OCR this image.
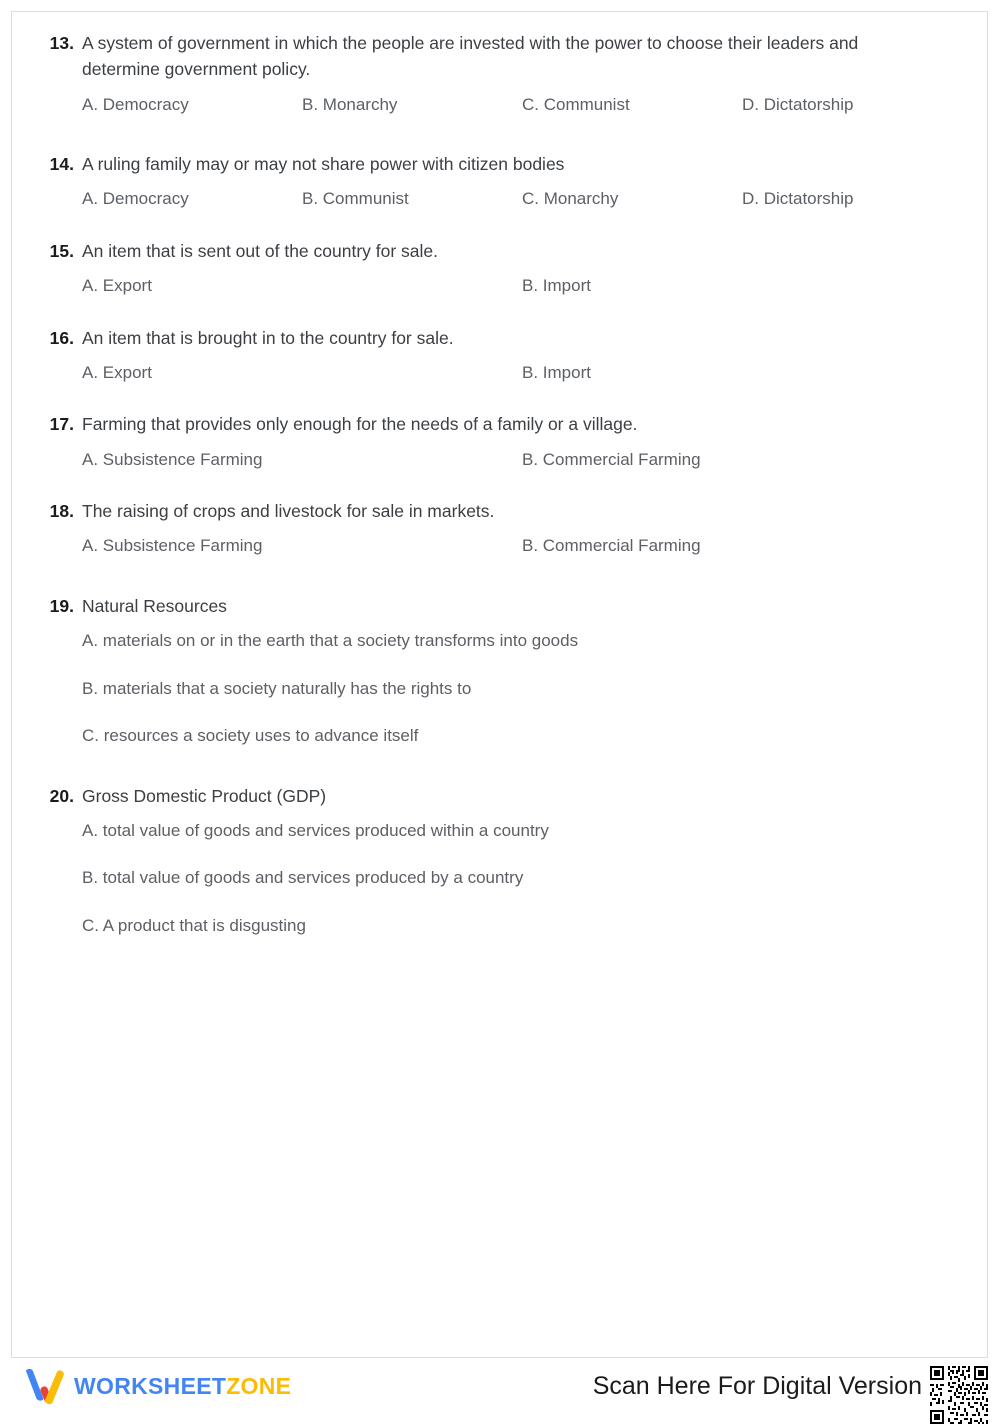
13. A system of government in which the people are invested with the power to choose their leaders and determine government policy.
A. Democracy	B. Monarchy	C. Communist	D. Dictatorship
14. A ruling family may or may not share power with citizen bodies
A. Democracy	B. Communist	C. Monarchy	D. Dictatorship
15. An item that is sent out of the country for sale.
A. Export	B. Import
16. An item that is brought in to the country for sale.
A. Export	B. Import
17. Farming that provides only enough for the needs of a family or a village.
A. Subsistence Farming	B. Commercial Farming
18. The raising of crops and livestock for sale in markets.
A. Subsistence Farming	B. Commercial Farming
19. Natural Resources
A. materials on or in the earth that a society transforms into goods
B. materials that a society naturally has the rights to
C. resources a society uses to advance itself
20. Gross Domestic Product (GDP)
A. total value of goods and services produced within a country
B. total value of goods and services produced by a country
C. A product that is disgusting
WORKSHEETZONE	Scan Here For Digital Version
